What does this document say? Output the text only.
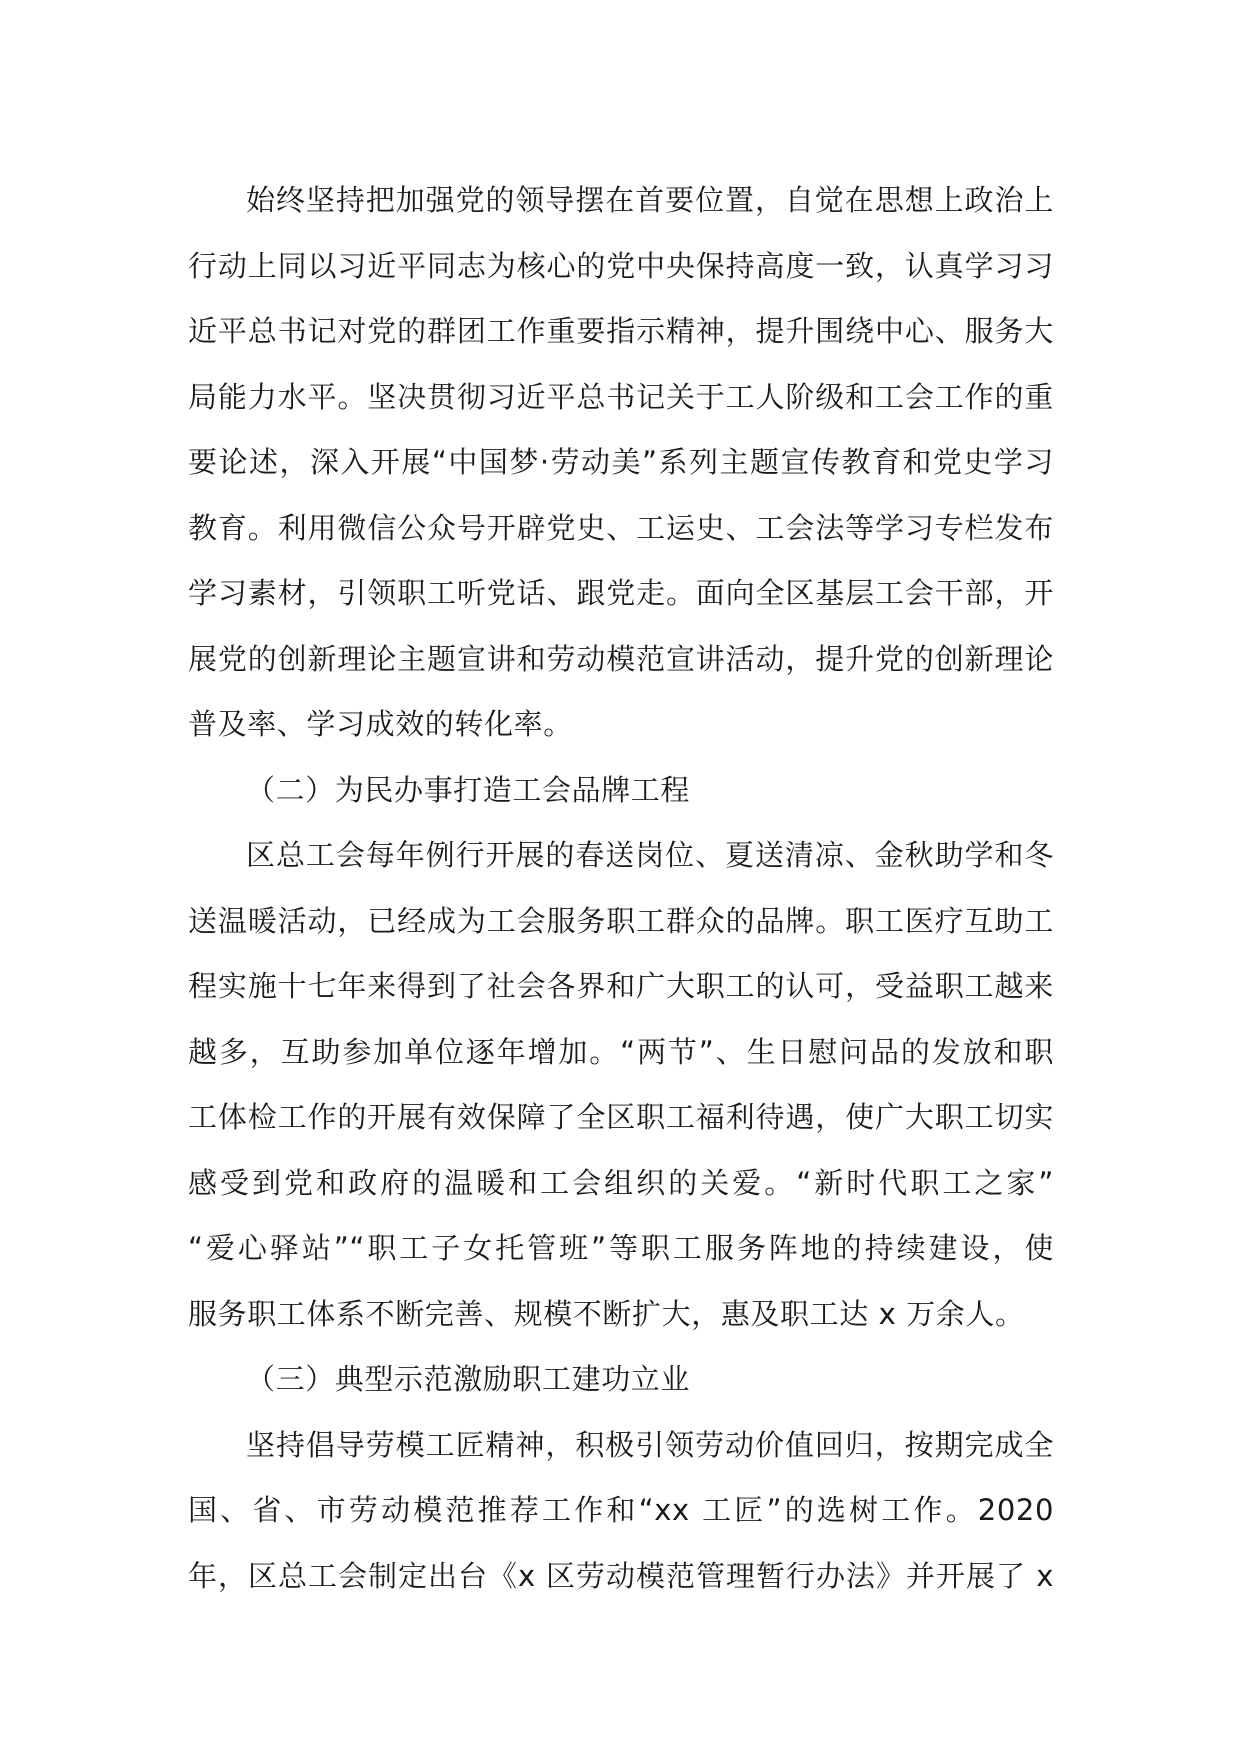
始终坚持把加强党的领导摆在首要位置，自觉在思想上政治上
行动上同以习近平同志为核心的党中央保持高度一致，认真学习习
近平总书记对党的群团工作重要指示精神，提升围绕中心、服务大
局能力水平。坚决贯彻习近平总书记关于工人阶级和工会工作的重
要论述，深入开展“中国梦·劳动美”系列主题宣传教育和党史学习
教育。利用微信公众号开辟党史、工运史、工会法等学习专栏发布
学习素材，引领职工听党话、跟党走。面向全区基层工会干部，开
展党的创新理论主题宣讲和劳动模范宣讲活动，提升党的创新理论
普及率、学习成效的转化率。
（二）为民办事打造工会品牌工程
区总工会每年例行开展的春送岗位、夏送清凉、金秋助学和冬
送温暖活动，已经成为工会服务职工群众的品牌。职工医疗互助工
程实施十七年来得到了社会各界和广大职工的认可，受益职工越来
越多，互助参加单位逐年增加。“两节”、生日慰问品的发放和职
工体检工作的开展有效保障了全区职工福利待遇，使广大职工切实
感受到党和政府的温暖和工会组织的关爱。“新时代职工之家”
“爱心驿站”“职工子女托管班”等职工服务阵地的持续建设，使
服务职工体系不断完善、规模不断扩大，惠及职工达 x 万余人。
（三）典型示范激励职工建功立业
坚持倡导劳模工匠精神，积极引领劳动价值回归，按期完成全
国、省、市劳动模范推荐工作和“xx 工匠”的选树工作。2020
年，区总工会制定出台《x 区劳动模范管理暂行办法》并开展了 x
